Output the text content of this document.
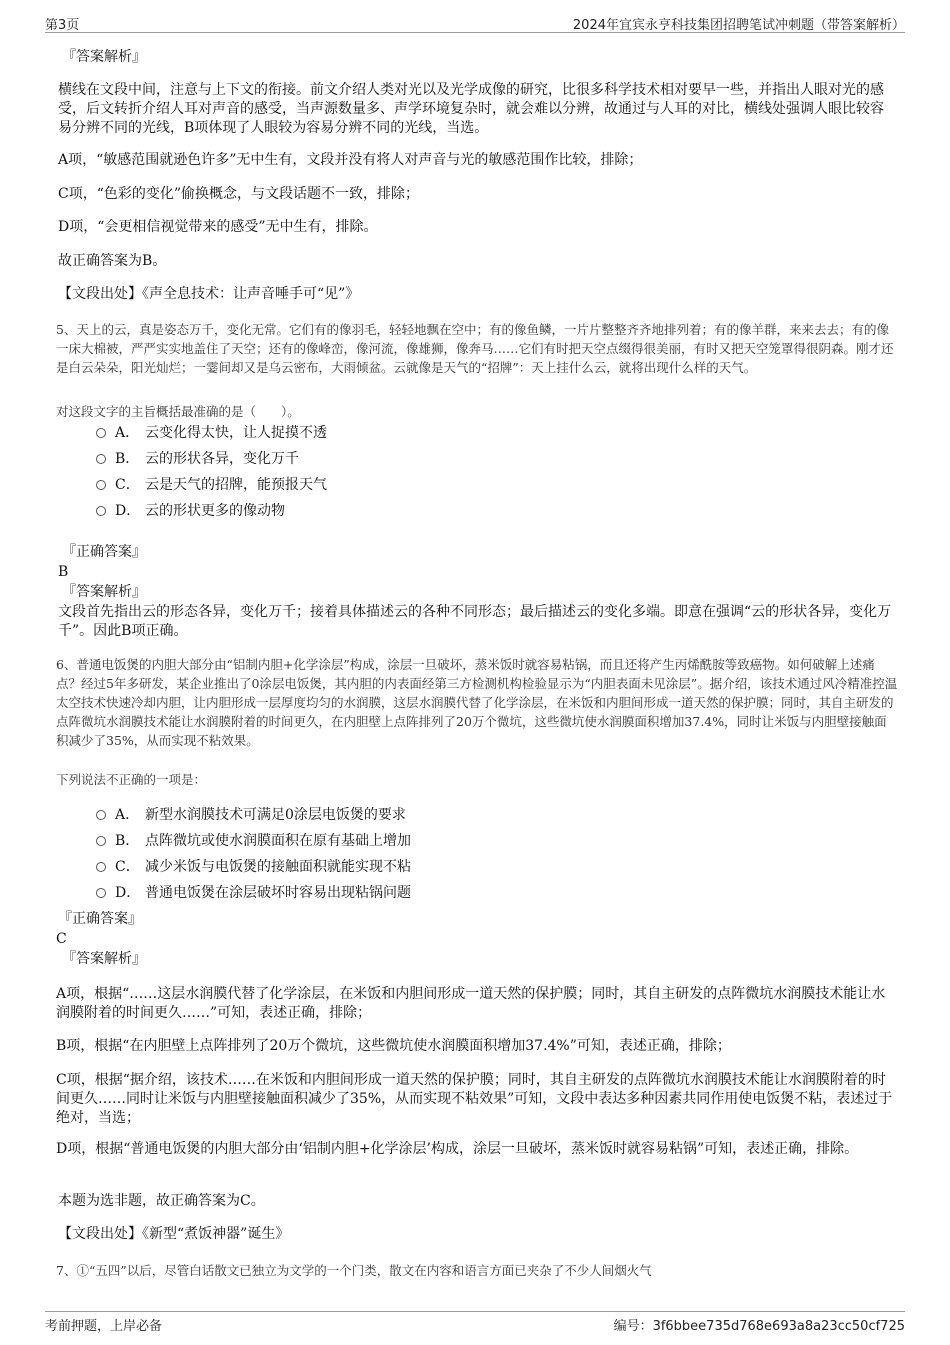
第3页	2024年宜宾永亨科技集团招聘笔试冲刺题（带答案解析）
『答案解析』
横线在文段中间，注意与上下文的衔接。前文介绍人类对光以及光学成像的研究，比很多科学技术相对要早一些，并指出人眼对光的感受，后文转折介绍人耳对声音的感受，当声源数量多、声学环境复杂时，就会难以分辨，故通过与人耳的对比，横线处强调人眼比较容易分辨不同的光线，B项体现了人眼较为容易分辨不同的光线，当选。
A项，“敏感范围就逊色许多”无中生有，文段并没有将人对声音与光的敏感范围作比较，排除；
C项，“色彩的变化”偷换概念，与文段话题不一致，排除；
D项，“会更相信视觉带来的感受”无中生有，排除。
故正确答案为B。
【文段出处】《声全息技术：让声音唾手可“见”》
5、天上的云，真是姿态万千，变化无常。它们有的像羽毛，轻轻地飘在空中；有的像鱼鳞，一片片整整齐齐地排列着；有的像羊群，来来去去；有的像一床大棉被，严严实实地盖住了天空；还有的像峰峦，像河流，像雄狮，像奔马……它们有时把天空点缀得很美丽，有时又把天空笼罩得很阴森。刚才还是白云朵朵，阳光灿烂；一霎间却又是乌云密布，大雨倾盆。云就像是天气的“招牌”：天上挂什么云，就将出现什么样的天气。
对这段文字的主旨概括最准确的是（　　）。
A． 云变化得太快，让人捉摸不透
B． 云的形状各异，变化万千
C． 云是天气的招牌，能预报天气
D． 云的形状更多的像动物
『正确答案』
B
『答案解析』
文段首先指出云的形态各异，变化万千；接着具体描述云的各种不同形态；最后描述云的变化多端。即意在强调“云的形状各异，变化万千”。因此B项正确。
6、普通电饭煲的内胆大部分由“铝制内胆+化学涂层”构成，涂层一旦破坏，蒸米饭时就容易粘锅，而且还将产生丙烯酰胺等致癌物。如何破解上述痛点？经过5年多研发，某企业推出了0涂层电饭煲，其内胆的内表面经第三方检测机构检验显示为“内胆表面未见涂层”。据介绍，该技术通过风冷精准控温太空技术快速冷却内胆，让内胆形成一层厚度均匀的水润膜，这层水润膜代替了化学涂层，在米饭和内胆间形成一道天然的保护膜；同时，其自主研发的点阵微坑水润膜技术能让水润膜附着的时间更久，在内胆壁上点阵排列了20万个微坑，这些微坑使水润膜面积增加37.4%，同时让米饭与内胆壁接触面积减少了35%，从而实现不粘效果。
下列说法不正确的一项是：
A． 新型水润膜技术可满足0涂层电饭煲的要求
B． 点阵微坑或使水润膜面积在原有基础上增加
C． 减少米饭与电饭煲的接触面积就能实现不粘
D． 普通电饭煲在涂层破坏时容易出现粘锅问题
『正确答案』
C
『答案解析』
A项，根据“……这层水润膜代替了化学涂层，在米饭和内胆间形成一道天然的保护膜；同时，其自主研发的点阵微坑水润膜技术能让水润膜附着的时间更久……”可知，表述正确，排除；
B项，根据“在内胆壁上点阵排列了20万个微坑，这些微坑使水润膜面积增加37.4%”可知，表述正确，排除；
C项，根据“据介绍，该技术……在米饭和内胆间形成一道天然的保护膜；同时，其自主研发的点阵微坑水润膜技术能让水润膜附着的时间更久……同时让米饭与内胆壁接触面积减少了35%，从而实现不粘效果”可知，文段中表达多种因素共同作用使电饭煲不粘，表述过于绝对，当选；
D项，根据“普通电饭煲的内胆大部分由‘铝制内胆+化学涂层’构成，涂层一旦破坏，蒸米饭时就容易粘锅”可知，表述正确，排除。
本题为选非题，故正确答案为C。
【文段出处】《新型“煮饭神器”诞生》
7、①“五四”以后，尽管白话散文已独立为文学的一个门类，散文在内容和语言方面已夹杂了不少人间烟火气
考前押题，上岸必备	编号：3f6bbee735d768e693a8a23cc50cf725
